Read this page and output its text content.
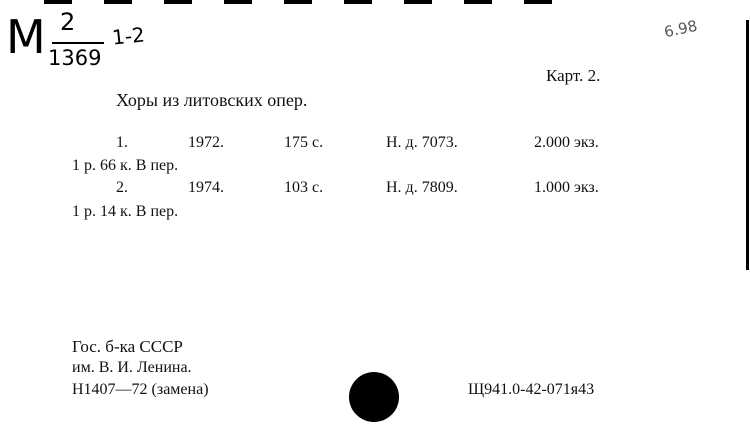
М 2
1369
1-2	6.98
Карт. 2.
Хоры из литовских опер.
1.	1972.	175 с.	Н. д. 7073.	2.000 экз.
1 р. 66 к. В пер.
2.	1974.	103 с.	Н. д. 7809.	1.000 экз.
1 р. 14 к. В пер.
Гос. б-ка СССР
им. В. И. Ленина.
Н1407—72 (замена)	Щ941.0-42-071я43
